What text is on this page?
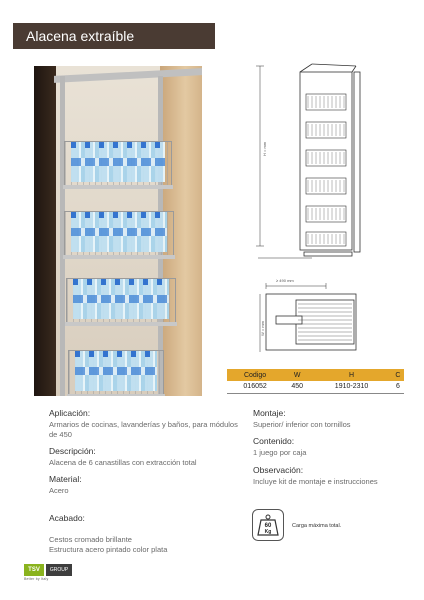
Alacena extraíble
H = mm
≥ 490 mm
W = mm
Codigo	W	H	C
016052	450	1910-2310	6
Aplicación:
Armarios de cocinas, lavanderías y baños, para módulos de 450
Descripción:
Alacena de 6 canastillas con extracción total
Material:
Acero

Acabado:

Cestos cromado brillante
Estructura acero pintado color plata

Montaje:
Superior/ inferior con tornillos
Contenido:
1 juego por caja
Observación:
Incluye kit de montaje e instrucciones
60
Kg
Carga máxima total.
TSV	GROUP
Better by Italy
